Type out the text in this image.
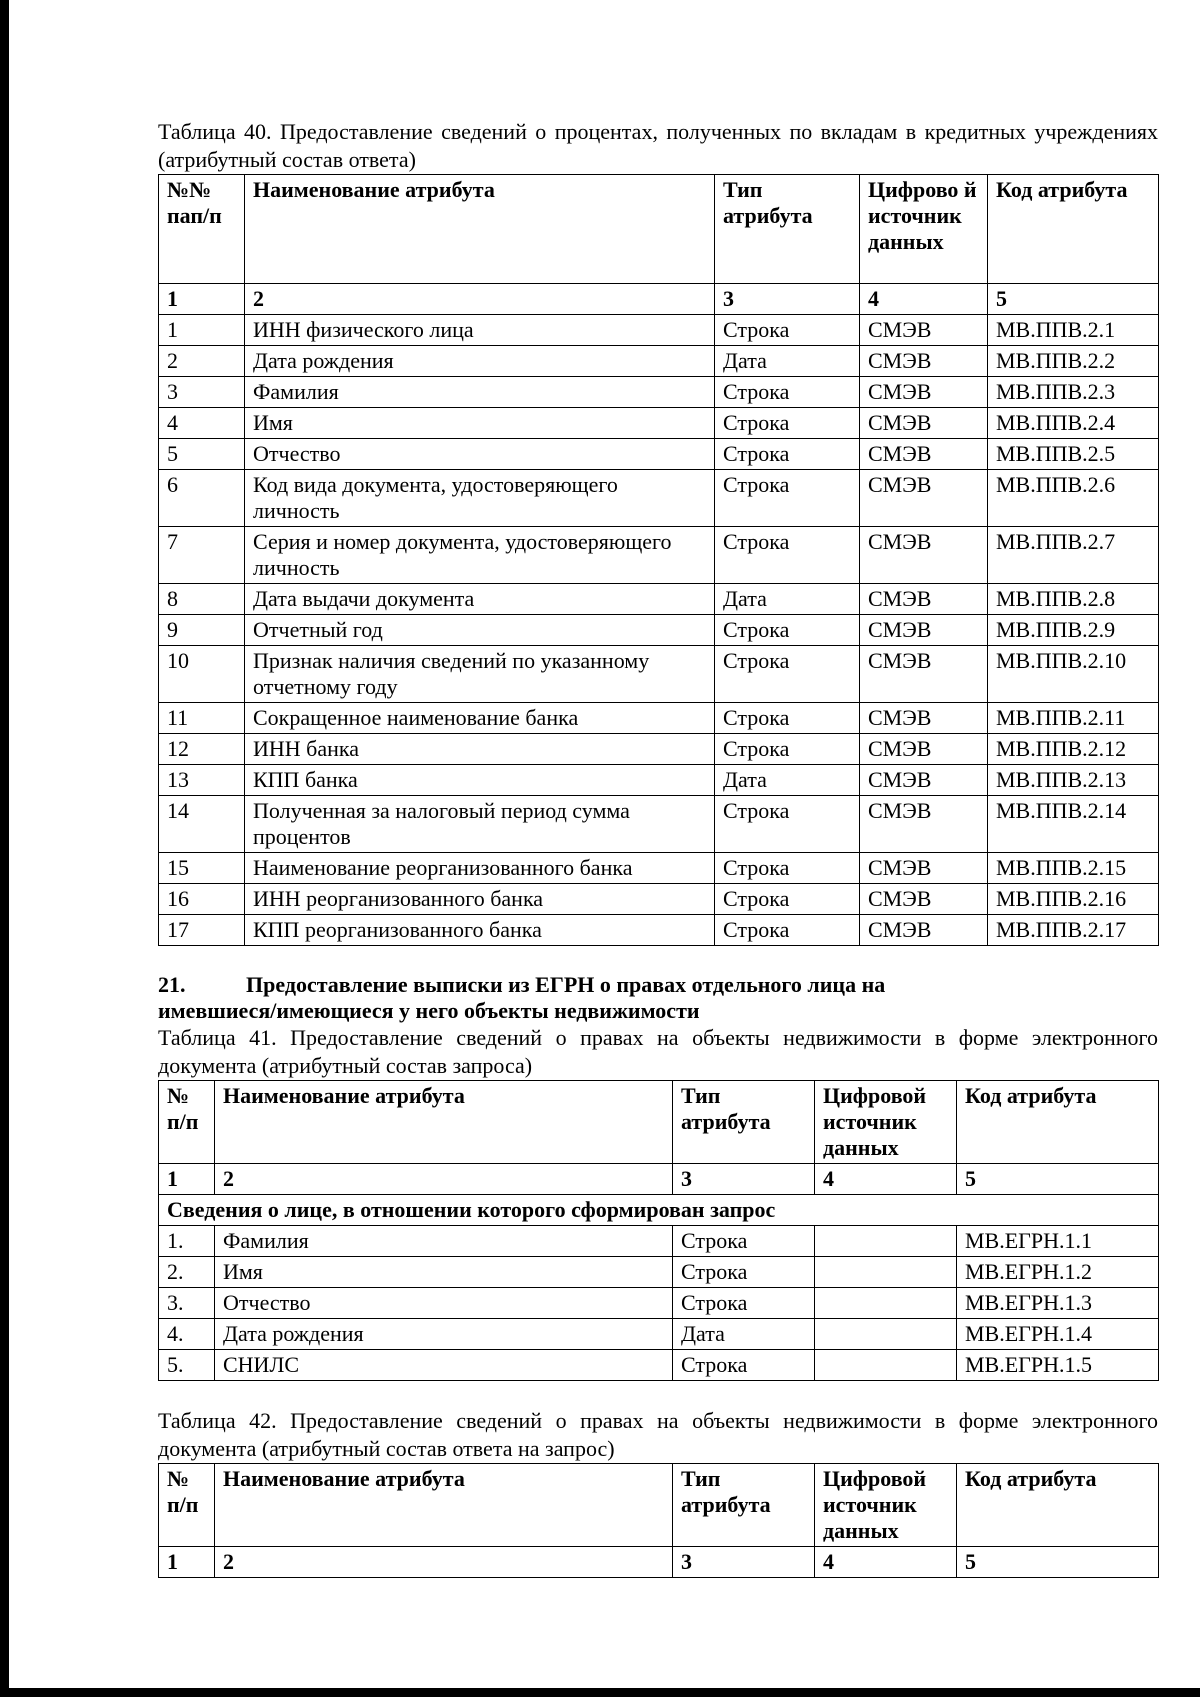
Таблица 40. Предоставление сведений о процентах, полученных по вкладам в кредитных учреждениях (атрибутный состав ответа)

№№ пап/п	Наименование атрибута	Тип атрибута	Цифрово й источник данных	Код атрибута
1	2	3	4	5
1	ИНН физического лица	Строка	СМЭВ	МВ.ППВ.2.1
2	Дата рождения	Дата	СМЭВ	МВ.ППВ.2.2
3	Фамилия	Строка	СМЭВ	МВ.ППВ.2.3
4	Имя	Строка	СМЭВ	МВ.ППВ.2.4
5	Отчество	Строка	СМЭВ	МВ.ППВ.2.5
6	Код вида документа, удостоверяющего личность	Строка	СМЭВ	МВ.ППВ.2.6
7	Серия и номер документа, удостоверяющего личность	Строка	СМЭВ	МВ.ППВ.2.7
8	Дата выдачи документа	Дата	СМЭВ	МВ.ППВ.2.8
9	Отчетный год	Строка	СМЭВ	МВ.ППВ.2.9
10	Признак наличия сведений по указанному отчетному году	Строка	СМЭВ	МВ.ППВ.2.10
11	Сокращенное наименование банка	Строка	СМЭВ	МВ.ППВ.2.11
12	ИНН банка	Строка	СМЭВ	МВ.ППВ.2.12
13	КПП банка	Дата	СМЭВ	МВ.ППВ.2.13
14	Полученная за налоговый период сумма процентов	Строка	СМЭВ	МВ.ППВ.2.14
15	Наименование реорганизованного банка	Строка	СМЭВ	МВ.ППВ.2.15
16	ИНН реорганизованного банка	Строка	СМЭВ	МВ.ППВ.2.16
17	КПП реорганизованного банка	Строка	СМЭВ	МВ.ППВ.2.17

21.	Предоставление выписки из ЕГРН о правах отдельного лица на
имевшиеся/имеющиеся у него объекты недвижимости

Таблица 41. Предоставление сведений о правах на объекты недвижимости в форме электронного документа (атрибутный состав запроса)

№ п/п	Наименование атрибута	Тип атрибута	Цифровой источник данных	Код атрибута
1	2	3	4	5
Сведения о лице, в отношении которого сформирован запрос				
1.	Фамилия	Строка		МВ.ЕГРН.1.1
2.	Имя	Строка		МВ.ЕГРН.1.2
3.	Отчество	Строка		МВ.ЕГРН.1.3
4.	Дата рождения	Дата		МВ.ЕГРН.1.4
5.	СНИЛС	Строка		МВ.ЕГРН.1.5

Таблица 42. Предоставление сведений о правах на объекты недвижимости в форме электронного документа (атрибутный состав ответа на запрос)

№ п/п	Наименование атрибута	Тип атрибута	Цифровой источник данных	Код атрибута
1	2	3	4	5
